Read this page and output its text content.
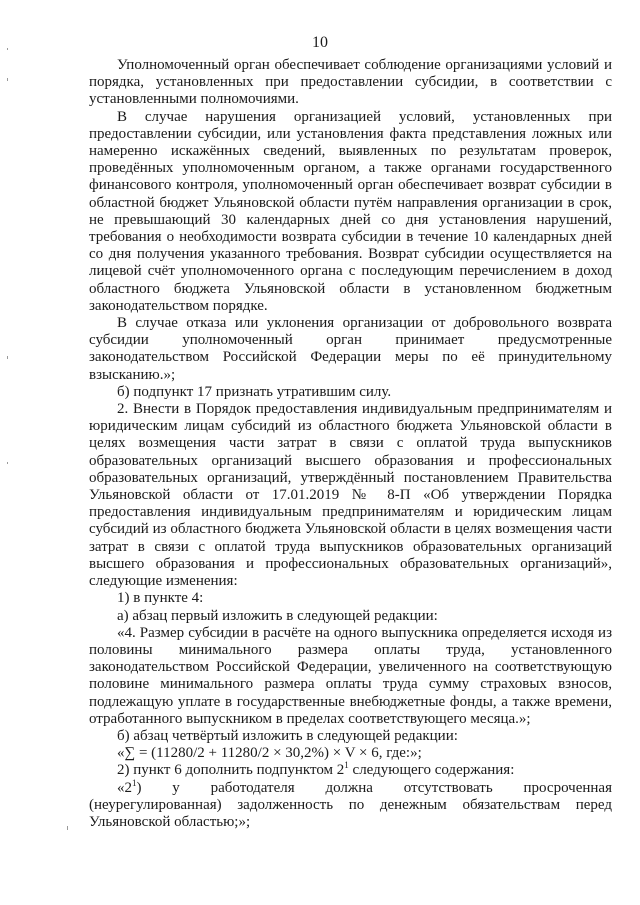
10

Уполномоченный орган обеспечивает соблюдение организациями условий и порядка, установленных при предоставлении субсидии, в соответствии с установленными полномочиями.

В случае нарушения организацией условий, установленных при предоставлении субсидии, или установления факта представления ложных или намеренно искажённых сведений, выявленных по результатам проверок, проведённых уполномоченным органом, а также органами государственного финансового контроля, уполномоченный орган обеспечивает возврат субсидии в областной бюджет Ульяновской области путём направления организации в срок, не превышающий 30 календарных дней со дня установления нарушений, требования о необходимости возврата субсидии в течение 10 календарных дней со дня получения указанного требования. Возврат субсидии осуществляется на лицевой счёт уполномоченного органа с последующим перечислением в доход областного бюджета Ульяновской области в установленном бюджетным законодательством порядке.

В случае отказа или уклонения организации от добровольного возврата субсидии уполномоченный орган принимает предусмотренные законодательством Российской Федерации меры по её принудительному взысканию.»;

б) подпункт 17 признать утратившим силу.

2. Внести в Порядок предоставления индивидуальным предпринимателям и юридическим лицам субсидий из областного бюджета Ульяновской области в целях возмещения части затрат в связи с оплатой труда выпускников образовательных организаций высшего образования и профессиональных образовательных организаций, утверждённый постановлением Правительства Ульяновской области от 17.01.2019 № 8-П «Об утверждении Порядка предоставления индивидуальным предпринимателям и юридическим лицам субсидий из областного бюджета Ульяновской области в целях возмещения части затрат в связи с оплатой труда выпускников образовательных организаций высшего образования и профессиональных образовательных организаций», следующие изменения:

1) в пункте 4:

а) абзац первый изложить в следующей редакции:

«4. Размер субсидии в расчёте на одного выпускника определяется исходя из половины минимального размера оплаты труда, установленного законодательством Российской Федерации, увеличенного на соответствующую половине минимального размера оплаты труда сумму страховых взносов, подлежащую уплате в государственные внебюджетные фонды, а также времени, отработанного выпускником в пределах соответствующего месяца.»;

б) абзац четвёртый изложить в следующей редакции:

«∑ = (11280/2 + 11280/2 × 30,2%) × V × 6, где:»;

2) пункт 6 дополнить подпунктом $2^1$ следующего содержания:

«$2^1$) у работодателя должна отсутствовать просроченная (неурегулированная) задолженность по денежным обязательствам перед Ульяновской областью;»;
